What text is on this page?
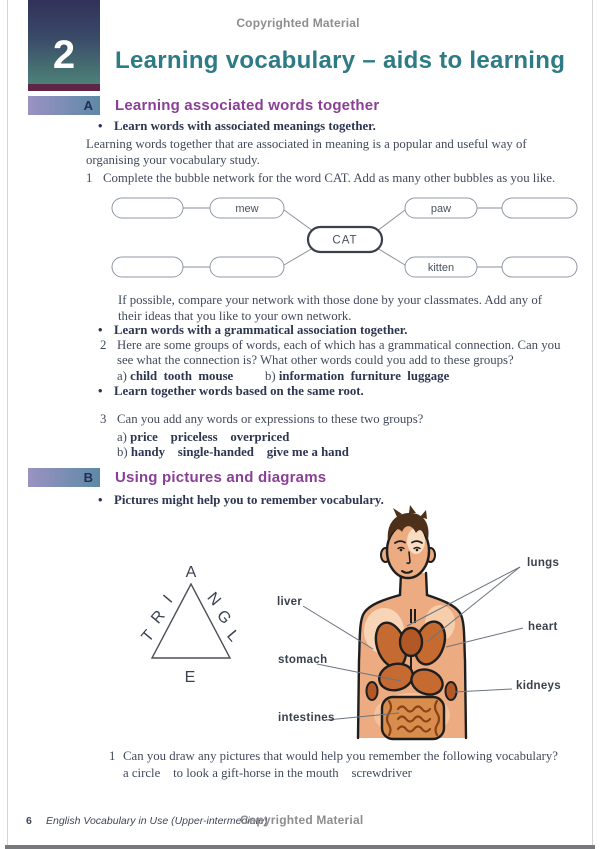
Copyrighted Material
2 Learning vocabulary – aids to learning
A Learning associated words together
• Learn words with associated meanings together.
Learning words together that are associated in meaning is a popular and useful way of
organising your vocabulary study.
1 Complete the bubble network for the word CAT. Add as many other bubbles as you like.
mew	paw
kitten
CAT
If possible, compare your network with those done by your classmates. Add any of
their ideas that you like to your own network.
• Learn words with a grammatical association together.
2 Here are some groups of words, each of which has a grammatical connection. Can you
see what the connection is? What other words could you add to these groups?
a) child  tooth  mouse b) information  furniture  luggage
• Learn together words based on the same root.
3 Can you add any words or expressions to these two groups?
a) price    priceless    overpriced
b) handy    single-handed    give me a hand
B Using pictures and diagrams
• Pictures might help you to remember vocabulary.
A
I
R
T
N
G
L
E
lungs
liver
heart
stomach
kidneys
intestines
1 Can you draw any pictures that would help you remember the following vocabulary?
a circle    to look a gift-horse in the mouth    screwdriver
6 English Vocabulary in Use (Upper-intermediate)
Copyrighted Material
